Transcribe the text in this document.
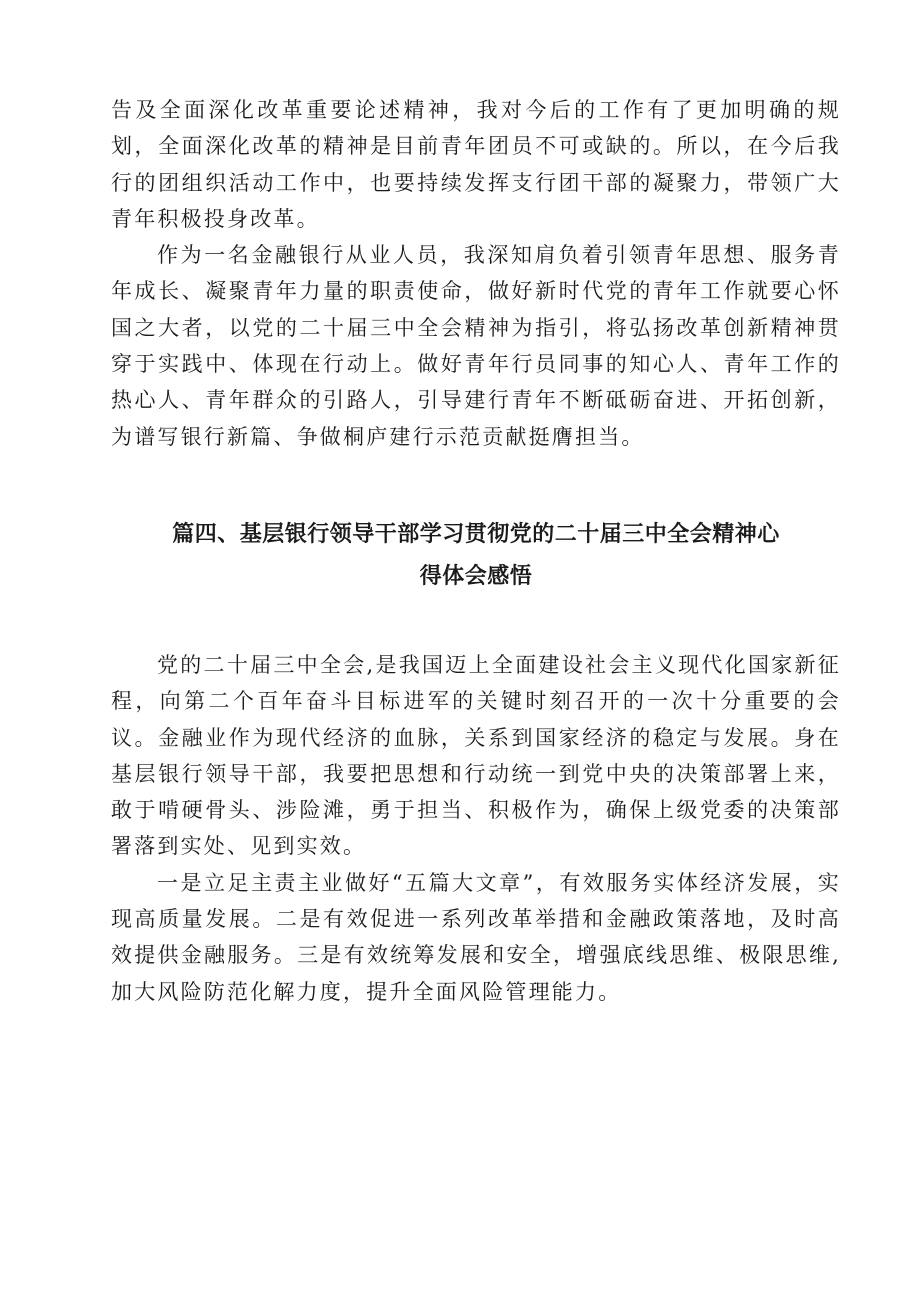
告及全面深化改革重要论述精神，我对今后的工作有了更加明确的规划，全面深化改革的精神是目前青年团员不可或缺的。所以，在今后我行的团组织活动工作中，也要持续发挥支行团干部的凝聚力，带领广大青年积极投身改革。

作为一名金融银行从业人员，我深知肩负着引领青年思想、服务青年成长、凝聚青年力量的职责使命，做好新时代党的青年工作就要心怀国之大者，以党的二十届三中全会精神为指引，将弘扬改革创新精神贯穿于实践中、体现在行动上。做好青年行员同事的知心人、青年工作的热心人、青年群众的引路人，引导建行青年不断砥砺奋进、开拓创新，为谱写银行新篇、争做桐庐建行示范贡献挺膺担当。

篇四、基层银行领导干部学习贯彻党的二十届三中全会精神心得体会感悟

党的二十届三中全会,是我国迈上全面建设社会主义现代化国家新征程，向第二个百年奋斗目标进军的关键时刻召开的一次十分重要的会议。金融业作为现代经济的血脉，关系到国家经济的稳定与发展。身在基层银行领导干部，我要把思想和行动统一到党中央的决策部署上来，敢于啃硬骨头、涉险滩，勇于担当、积极作为，确保上级党委的决策部署落到实处、见到实效。

一是立足主责主业做好“五篇大文章”，有效服务实体经济发展，实现高质量发展。二是有效促进一系列改革举措和金融政策落地，及时高效提供金融服务。三是有效统筹发展和安全，增强底线思维、极限思维,加大风险防范化解力度，提升全面风险管理能力。
